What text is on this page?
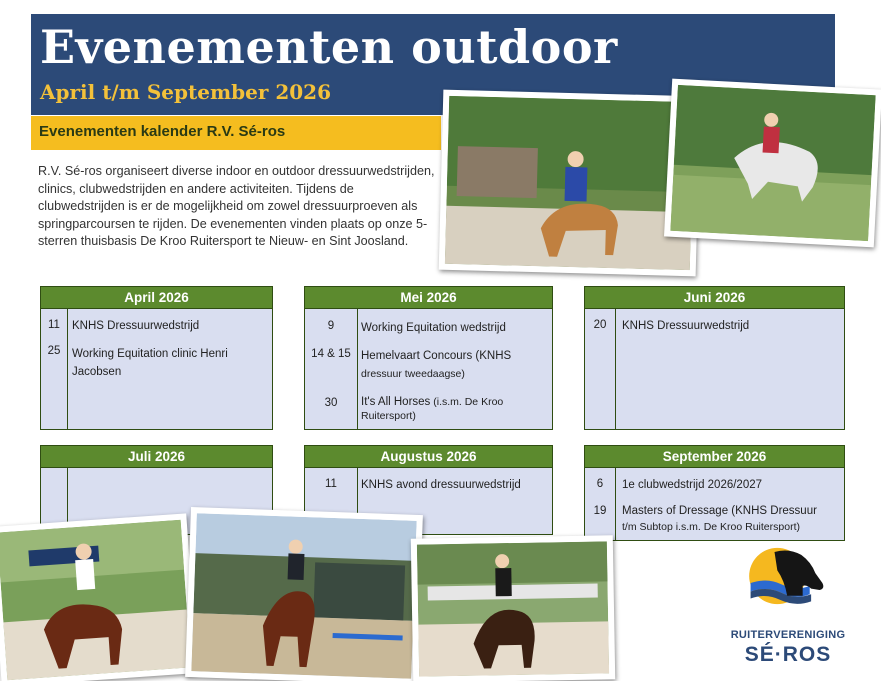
Evenementen outdoor
April t/m September 2026
Evenementen kalender R.V. Sé-ros
R.V. Sé-ros organiseert diverse indoor en outdoor dressuurwedstrijden, clinics, clubwedstrijden en andere activiteiten. Tijdens de clubwedstrijden is er de mogelijkheid om zowel dressuurproeven als springparcoursen te rijden. De evenementen vinden plaats op onze 5-sterren thuisbasis De Kroo Ruitersport te Nieuw- en Sint Joosland.
April 2026
11	KNHS Dressuurwedstrijd
25	Working Equitation clinic Henri Jacobsen
Mei 2026
9	Working Equitation wedstrijd
14 & 15 Hemelvaart Concours (KNHS
dressuur tweedaagse)
30	It's All Horses (i.s.m. De Kroo Ruitersport)
Juni 2026
20	KNHS Dressuurwedstrijd
Juli 2026	Augustus 2026
11	KNHS avond dressuurwedstrijd
September 2026
6	1e clubwedstrijd 2026/2027
19	Masters of Dressage (KNHS Dressuur
t/m Subtop i.s.m. De Kroo Ruitersport)
RUITERVERENIGING
SÉ·ROS
